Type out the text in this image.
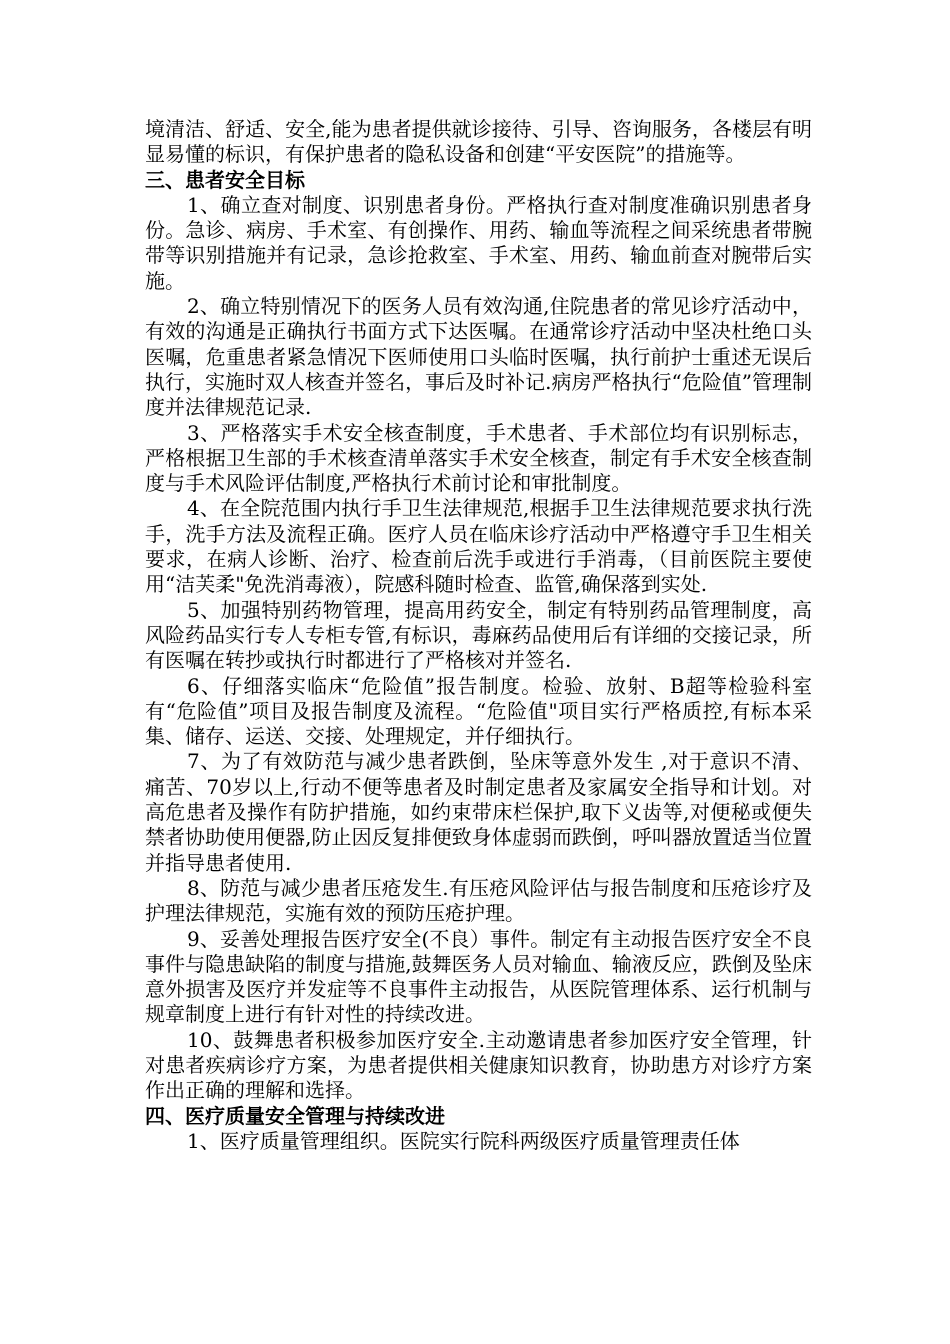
境清洁、舒适、安全,能为患者提供就诊接待、引导、咨询服务，各楼层有明显易懂的标识，有保护患者的隐私设备和创建“平安医院”的措施等。

三、患者安全目标

1、确立查对制度、识别患者身份。严格执行查对制度准确识别患者身份。急诊、病房、手术室、有创操作、用药、输血等流程之间采统患者带腕带等识别措施并有记录，急诊抢救室、手术室、用药、输血前查对腕带后实施。

2、确立特别情况下的医务人员有效沟通,住院患者的常见诊疗活动中，有效的沟通是正确执行书面方式下达医嘱。在通常诊疗活动中坚决杜绝口头医嘱，危重患者紧急情况下医师使用口头临时医嘱，执行前护士重述无误后执行，实施时双人核查并签名，事后及时补记.病房严格执行“危险值”管理制度并法律规范记录.

3、严格落实手术安全核查制度，手术患者、手术部位均有识别标志，严格根据卫生部的手术核查清单落实手术安全核查，制定有手术安全核查制度与手术风险评估制度,严格执行术前讨论和审批制度。

4、在全院范围内执行手卫生法律规范,根据手卫生法律规范要求执行洗手，洗手方法及流程正确。医疗人员在临床诊疗活动中严格遵守手卫生相关要求，在病人诊断、治疗、检查前后洗手或进行手消毒，（目前医院主要使用“洁芙柔"免洗消毒液），院感科随时检查、监管,确保落到实处.

5、加强特别药物管理，提高用药安全，制定有特别药品管理制度，高风险药品实行专人专柜专管,有标识，毒麻药品使用后有详细的交接记录，所有医嘱在转抄或执行时都进行了严格核对并签名.

6、仔细落实临床“危险值”报告制度。检验、放射、B超等检验科室有“危险值”项目及报告制度及流程。“危险值"项目实行严格质控,有标本采集、储存、运送、交接、处理规定，并仔细执行。

7、为了有效防范与减少患者跌倒，坠床等意外发生 ,对于意识不清、痛苦、70岁以上,行动不便等患者及时制定患者及家属安全指导和计划。对高危患者及操作有防护措施，如约束带床栏保护,取下义齿等,对便秘或便失禁者协助使用便器,防止因反复排便致身体虚弱而跌倒，呼叫器放置适当位置并指导患者使用.

8、防范与减少患者压疮发生.有压疮风险评估与报告制度和压疮诊疗及护理法律规范，实施有效的预防压疮护理。

9、妥善处理报告医疗安全(不良）事件。制定有主动报告医疗安全不良事件与隐患缺陷的制度与措施,鼓舞医务人员对输血、输液反应，跌倒及坠床意外损害及医疗并发症等不良事件主动报告，从医院管理体系、运行机制与规章制度上进行有针对性的持续改进。

10、鼓舞患者积极参加医疗安全.主动邀请患者参加医疗安全管理，针对患者疾病诊疗方案，为患者提供相关健康知识教育，协助患方对诊疗方案作出正确的理解和选择。

四、医疗质量安全管理与持续改进

1、医疗质量管理组织。医院实行院科两级医疗质量管理责任体
